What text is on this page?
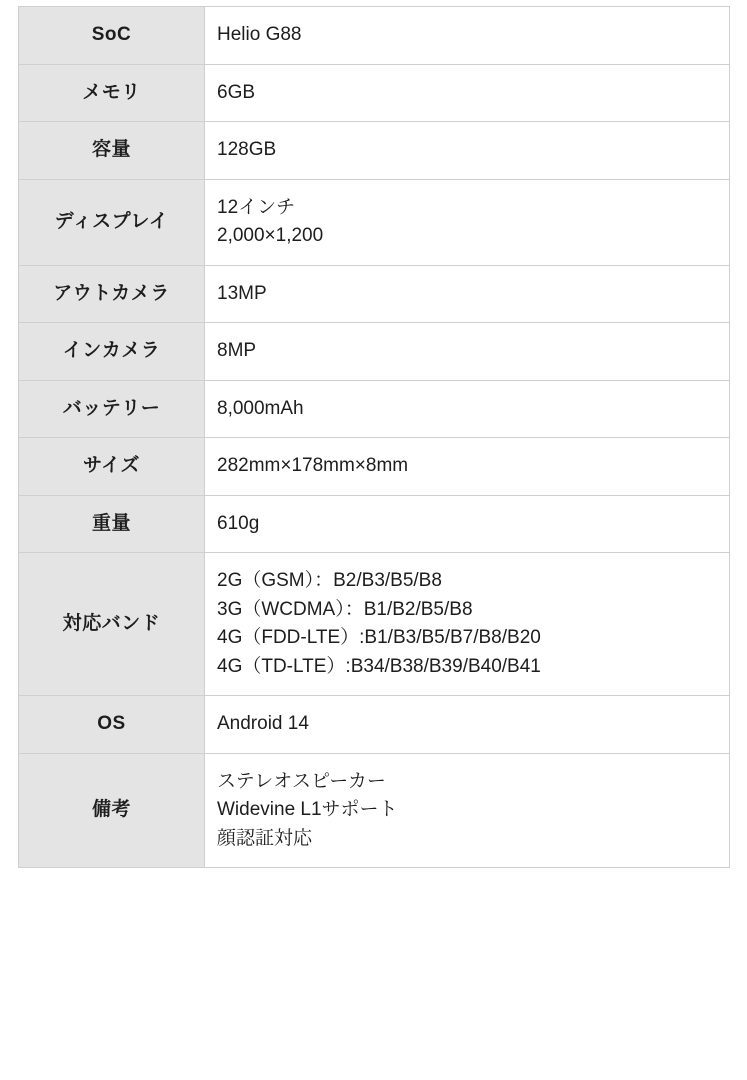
SoC	Helio G88

メモリ	6GB

容量	128GB

ディスプレイ	12インチ
2,000×1,200

アウトカメラ	13MP

インカメラ	8MP

バッテリー	8,000mAh

サイズ	282mm×178mm×8mm

重量	610g

対応バンド	2G（GSM）：B2/B3/B5/B8
3G（WCDMA）：B1/B2/B5/B8
4G（FDD-LTE）:B1/B3/B5/B7/B8/B20
4G（TD-LTE）:B34/B38/B39/B40/B41

OS	Android 14

備考	ステレオスピーカー
Widevine L1サポート
顔認証対応
